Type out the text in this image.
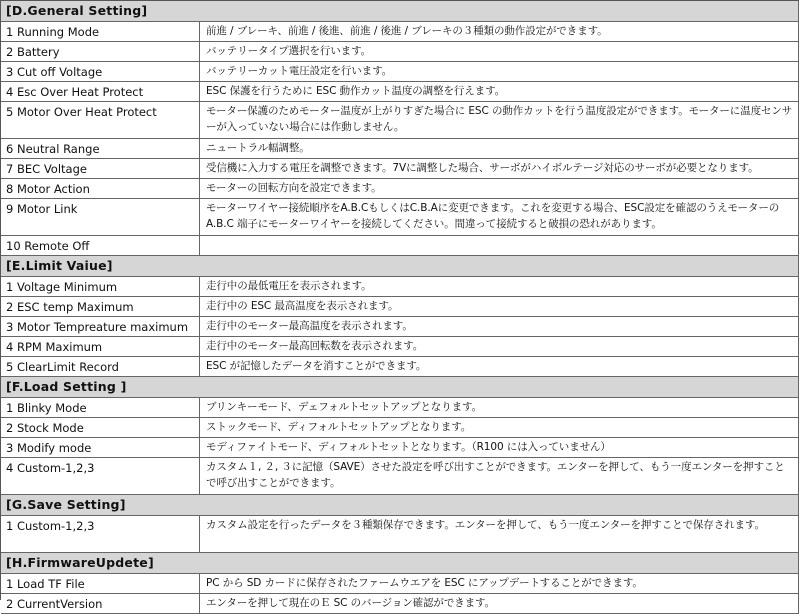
[D.General Setting]
1 Running Mode	前進 / ブレーキ、前進 / 後進、前進 / 後進 / ブレーキの３種類の動作設定ができます。
2 Battery	バッテリータイプ選択を行います。
3 Cut off Voltage	バッテリーカット電圧設定を行います。
4 Esc Over Heat Protect	ESC 保護を行うために ESC 動作カット温度の調整を行えます。
5 Motor Over Heat Protect	モーター保護のためモーター温度が上がりすぎた場合に ESC の動作カットを行う温度設定ができます。モーターに温度センサーが入っていない場合には作動しません。
6 Neutral Range	ニュートラル幅調整。
7 BEC Voltage	受信機に入力する電圧を調整できます。7Vに調整した場合、サーボがハイボルテージ対応のサーボが必要となります。
8 Motor Action	モーターの回転方向を設定できます。
9 Motor Link	モーターワイヤー接続順序をA.B.CもしくはC.B.Aに変更できます。これを変更する場合、ESC設定を確認のうえモーターの A.B.C 端子にモーターワイヤーを接続してください。間違って接続すると破損の恐れがあります。
10 Remote Off
[E.Limit Vaiue]
1 Voltage Minimum	走行中の最低電圧を表示されます。
2 ESC temp Maximum	走行中の ESC 最高温度を表示されます。
3 Motor Tempreature maximum	走行中のモーター最高温度を表示されます。
4 RPM Maximum	走行中のモーター最高回転数を表示されます。
5 ClearLimit Record	ESC が記憶したデータを消すことができます。
[F.Load Setting ]
1 Blinky Mode	ブリンキーモード、デェフォルトセットアップとなります。
2 Stock Mode	ストックモード、ディフォルトセットアップとなります。
3 Modify mode	モディファイトモード、ディフォルトセットとなります。（R100 には入っていません）
4 Custom-1,2,3	カスタム１, ２, ３に記憶（SAVE）させた設定を呼び出すことができます。エンターを押して、もう一度エンターを押すことで呼び出すことができます。
[G.Save Setting]
1 Custom-1,2,3	カスタム設定を行ったデータを３種類保存できます。エンターを押して、もう一度エンターを押すことで保存されます。
[H.FirmwareUpdete]
1 Load TF File	PC から SD カードに保存されたファームウエアを ESC にアップデートすることができます。
2 CurrentVersion	エンターを押して現在のＥ SC のバージョン確認ができます。
